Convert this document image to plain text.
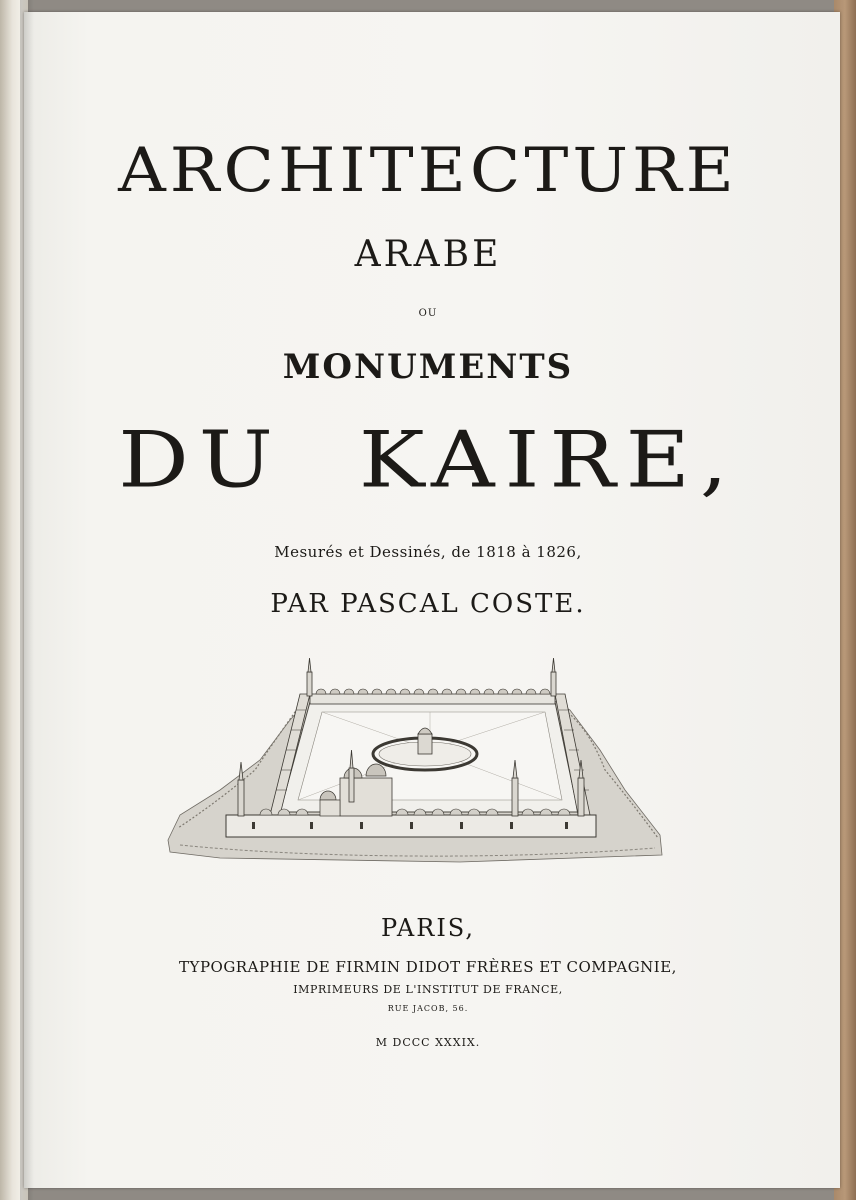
ARCHITECTURE
ARABE
OU
MONUMENTS
DU  KAIRE,
Mesurés et Dessinés, de 1818 à 1826,
PAR PASCAL COSTE.
PARIS,
TYPOGRAPHIE DE FIRMIN DIDOT FRÈRES ET COMPAGNIE,
IMPRIMEURS DE L'INSTITUT DE FRANCE,
RUE JACOB, 56.
M DCCC XXXIX.
